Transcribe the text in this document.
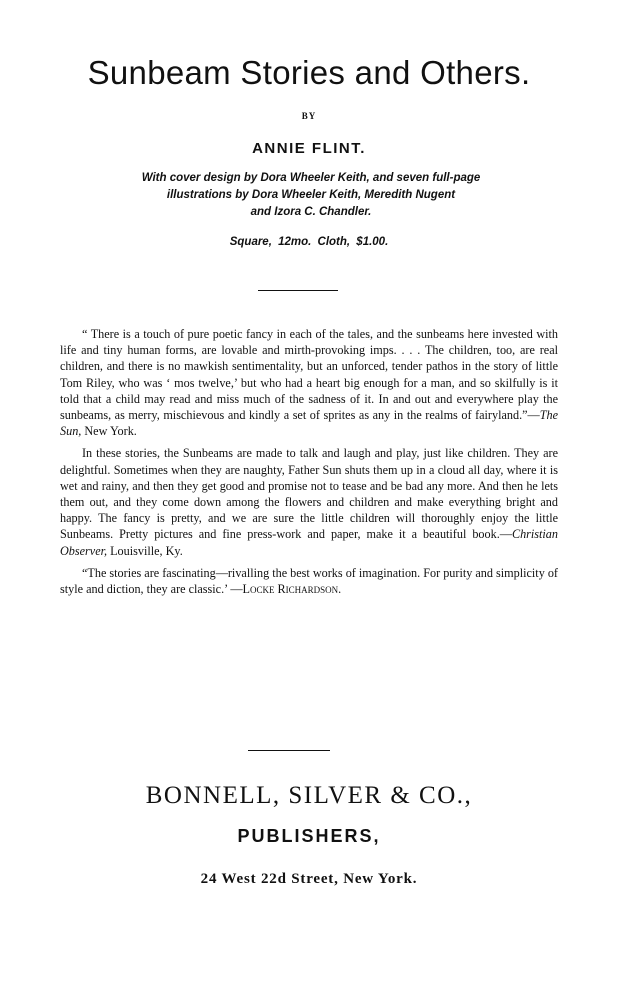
Sunbeam Stories and Others.
BY
ANNIE FLINT.
With cover design by Dora Wheeler Keith, and seven full-page
illustrations by Dora Wheeler Keith, Meredith Nugent
and Izora C. Chandler.
Square, 12mo. Cloth, $1.00.

“ There is a touch of pure poetic fancy in each of the tales, and the sunbeams here invested with life and tiny human forms, are lovable and mirth-provoking imps. . . . The children, too, are real children, and there is no mawkish sentimentality, but an unforced, tender pathos in the story of little Tom Riley, who was ‘ mos twelve,’ but who had a heart big enough for a man, and so skilfully is it told that a child may read and miss much of the sadness of it. In and out and everywhere play the sunbeams, as merry, mischievous and kindly a set of sprites as any in the realms of fairyland.”—The Sun, New York.

In these stories, the Sunbeams are made to talk and laugh and play, just like children. They are delightful. Sometimes when they are naughty, Father Sun shuts them up in a cloud all day, where it is wet and rainy, and then they get good and promise not to tease and be bad any more. And then he lets them out, and they come down among the flowers and children and make everything bright and happy. The fancy is pretty, and we are sure the little children will thoroughly enjoy the little Sunbeams. Pretty pictures and fine press-work and paper, make it a beautiful book.—Christian Observer, Louisville, Ky.

“The stories are fascinating—rivalling the best works of imagination. For purity and simplicity of style and diction, they are classic.’ —Locke Richardson.

BONNELL, SILVER & CO.,
PUBLISHERS,
24 West 22d Street, New York.
